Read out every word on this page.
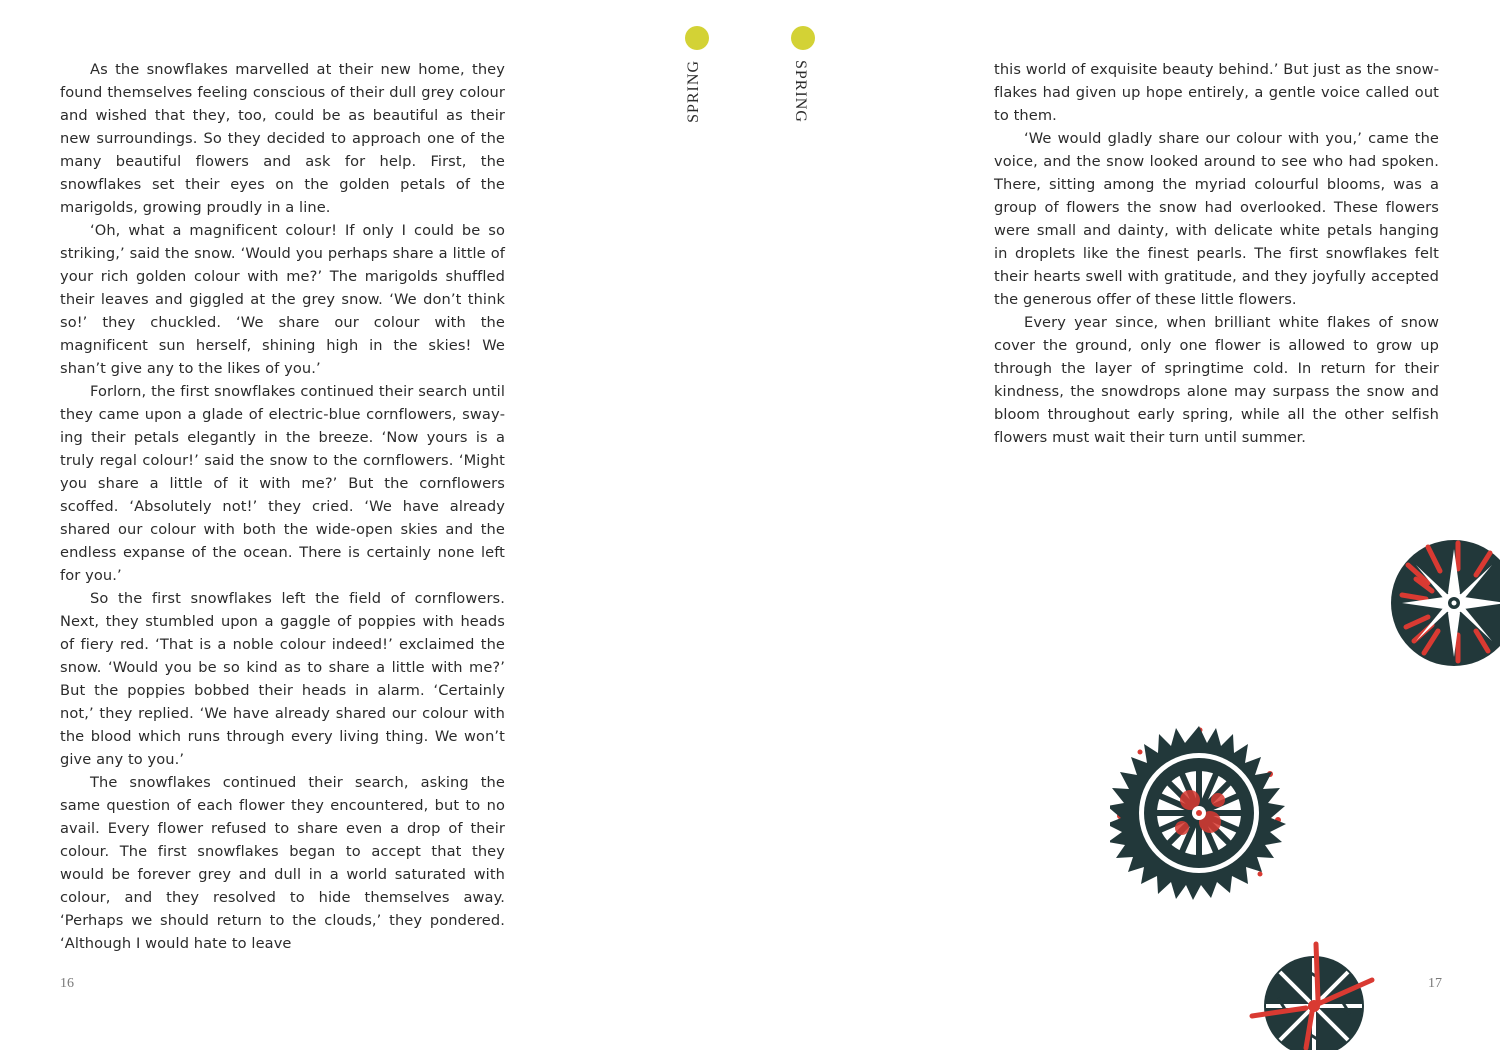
As the snowflakes marvelled at their new home, they found themselves feeling conscious of their dull grey colour and wished that they, too, could be as beautiful as their new surroundings. So they decided to approach one of the many beautiful flowers and ask for help. First, the snowflakes set their eyes on the golden petals of the marigolds, growing proudly in a line.

‘Oh, what a magnificent colour! If only I could be so striking,’ said the snow. ‘Would you perhaps share a little of your rich golden colour with me?’ The marigolds shuffled their leaves and giggled at the grey snow. ‘We don’t think so!’ they chuckled. ‘We share our colour with the magnificent sun herself, shining high in the skies! We shan’t give any to the likes of you.’

Forlorn, the first snowflakes continued their search until they came upon a glade of electric-blue cornflowers, swaying their petals elegantly in the breeze. ‘Now yours is a truly regal colour!’ said the snow to the cornflowers. ‘Might you share a little of it with me?’ But the cornflowers scoffed. ‘Absolutely not!’ they cried. ‘We have already shared our colour with both the wide-open skies and the endless expanse of the ocean. There is certainly none left for you.’

So the first snowflakes left the field of cornflowers. Next, they stumbled upon a gaggle of poppies with heads of fiery red. ‘That is a noble colour indeed!’ exclaimed the snow. ‘Would you be so kind as to share a little with me?’ But the poppies bobbed their heads in alarm. ‘Certainly not,’ they replied. ‘We have already shared our colour with the blood which runs through every living thing. We won’t give any to you.’

The snowflakes continued their search, asking the same question of each flower they encountered, but to no avail. Every flower refused to share even a drop of their colour. The first snowflakes began to accept that they would be forever grey and dull in a world saturated with colour, and they resolved to hide themselves away. ‘Perhaps we should return to the clouds,’ they pondered. ‘Although I would hate to leave

16

this world of exquisite beauty behind.’ But just as the snowflakes had given up hope entirely, a gentle voice called out to them.

‘We would gladly share our colour with you,’ came the voice, and the snow looked around to see who had spoken. There, sitting among the myriad colourful blooms, was a group of flowers the snow had overlooked. These flowers were small and dainty, with delicate white petals hanging in droplets like the finest pearls. The first snowflakes felt their hearts swell with gratitude, and they joyfully accepted the generous offer of these little flowers.

Every year since, when brilliant white flakes of snow cover the ground, only one flower is allowed to grow up through the layer of springtime cold. In return for their kindness, the snowdrops alone may surpass the snow and bloom throughout early spring, while all the other selfish flowers must wait their turn until summer.

SPRING	SPRING
17
